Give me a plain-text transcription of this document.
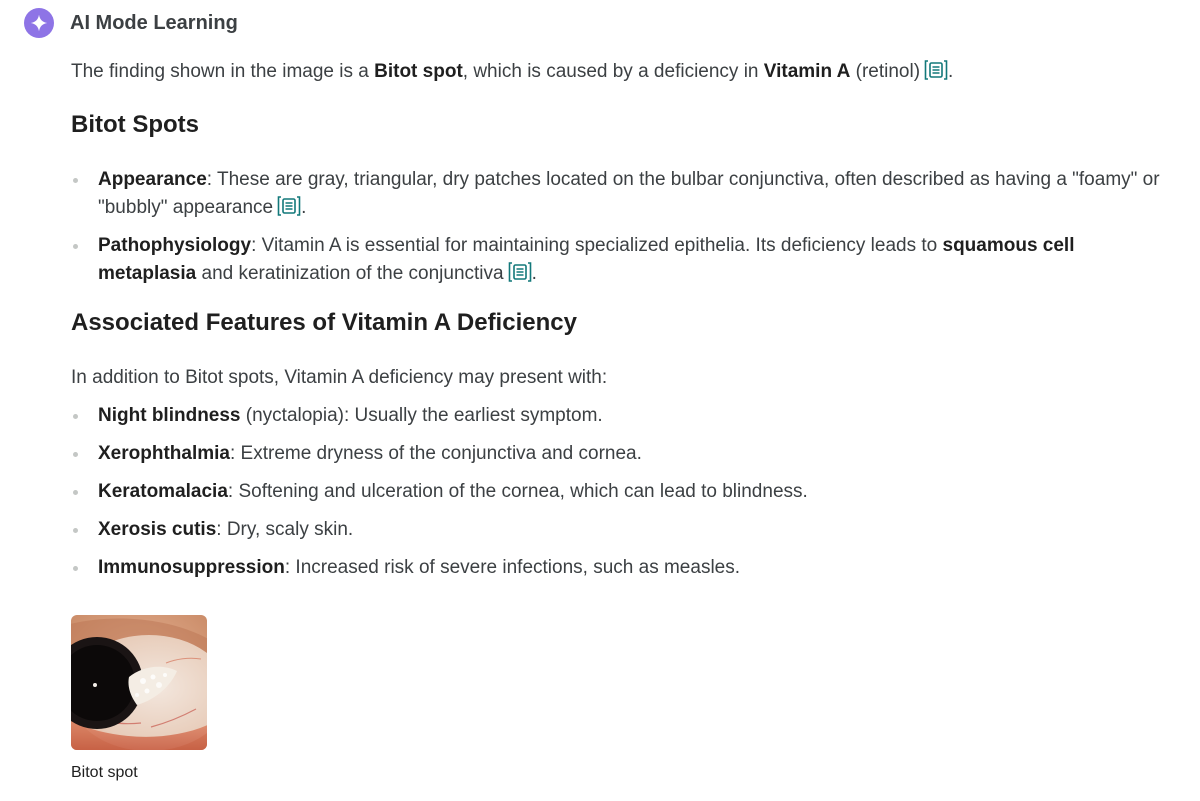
AI Mode Learning

The finding shown in the image is a Bitot spot, which is caused by a deficiency in Vitamin A (retinol) .

Bitot Spots
Appearance: These are gray, triangular, dry patches located on the bulbar conjunctiva, often described as having a "foamy" or "bubbly" appearance .
Pathophysiology: Vitamin A is essential for maintaining specialized epithelia. Its deficiency leads to squamous cell metaplasia and keratinization of the conjunctiva .
Associated Features of Vitamin A Deficiency

In addition to Bitot spots, Vitamin A deficiency may present with:

Night blindness (nyctalopia): Usually the earliest symptom.
Xerophthalmia: Extreme dryness of the conjunctiva and cornea.
Keratomalacia: Softening and ulceration of the cornea, which can lead to blindness.
Xerosis cutis: Dry, scaly skin.
Immunosuppression: Increased risk of severe infections, such as measles.
Bitot spot
